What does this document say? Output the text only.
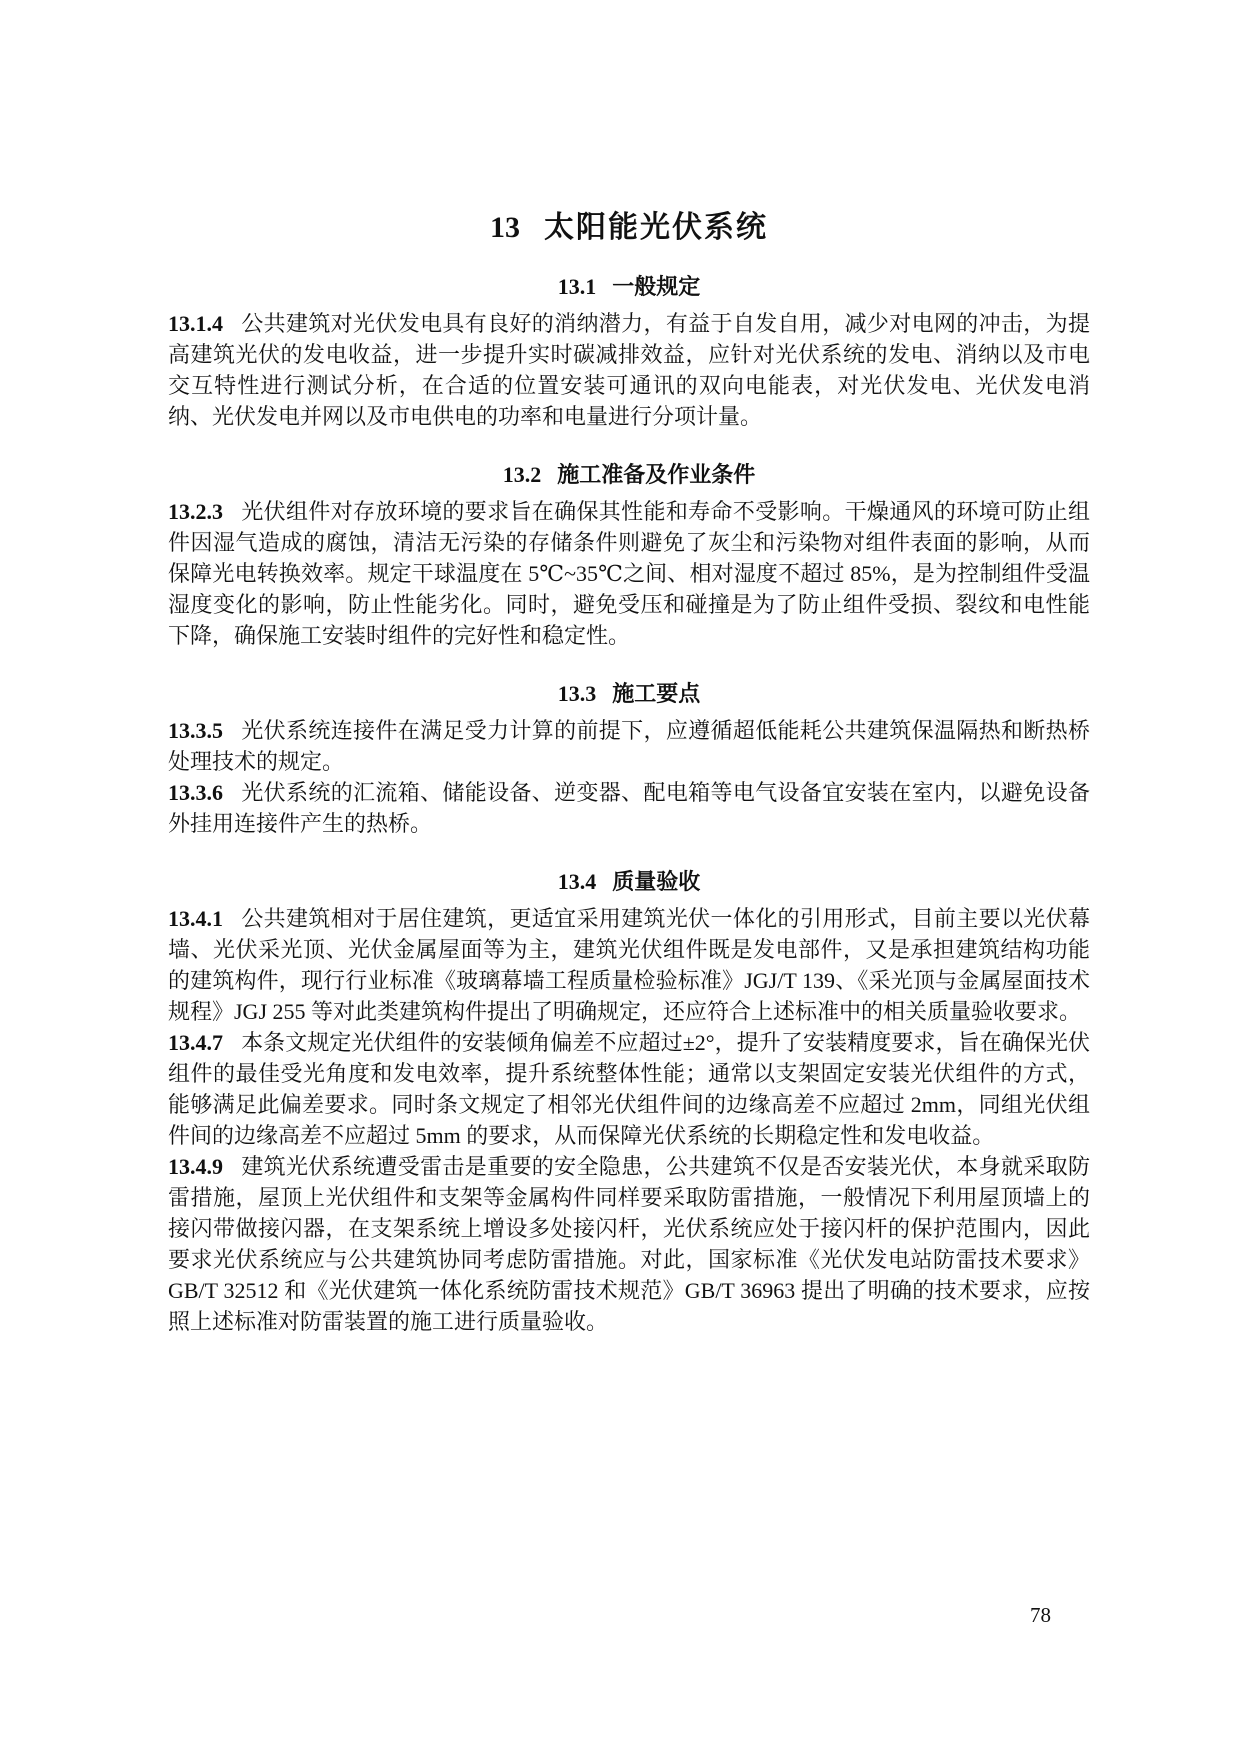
13 太阳能光伏系统
13.1 一般规定

13.1.4 公共建筑对光伏发电具有良好的消纳潜力，有益于自发自用，减少对电网的冲击，为提高建筑光伏的发电收益，进一步提升实时碳减排效益，应针对光伏系统的发电、消纳以及市电交互特性进行测试分析，在合适的位置安装可通讯的双向电能表，对光伏发电、光伏发电消纳、光伏发电并网以及市电供电的功率和电量进行分项计量。

13.2 施工准备及作业条件

13.2.3 光伏组件对存放环境的要求旨在确保其性能和寿命不受影响。干燥通风的环境可防止组件因湿气造成的腐蚀，清洁无污染的存储条件则避免了灰尘和污染物对组件表面的影响，从而保障光电转换效率。规定干球温度在 5℃~35℃之间、相对湿度不超过 85%，是为控制组件受温湿度变化的影响，防止性能劣化。同时，避免受压和碰撞是为了防止组件受损、裂纹和电性能下降，确保施工安装时组件的完好性和稳定性。

13.3 施工要点

13.3.5 光伏系统连接件在满足受力计算的前提下，应遵循超低能耗公共建筑保温隔热和断热桥处理技术的规定。

13.3.6 光伏系统的汇流箱、储能设备、逆变器、配电箱等电气设备宜安装在室内，以避免设备外挂用连接件产生的热桥。

13.4 质量验收

13.4.1 公共建筑相对于居住建筑，更适宜采用建筑光伏一体化的引用形式，目前主要以光伏幕墙、光伏采光顶、光伏金属屋面等为主，建筑光伏组件既是发电部件，又是承担建筑结构功能的建筑构件，现行行业标准《玻璃幕墙工程质量检验标准》JGJ/T 139、《采光顶与金属屋面技术规程》JGJ 255 等对此类建筑构件提出了明确规定，还应符合上述标准中的相关质量验收要求。

13.4.7 本条文规定光伏组件的安装倾角偏差不应超过±2°，提升了安装精度要求，旨在确保光伏组件的最佳受光角度和发电效率，提升系统整体性能；通常以支架固定安装光伏组件的方式，能够满足此偏差要求。同时条文规定了相邻光伏组件间的边缘高差不应超过 2mm，同组光伏组件间的边缘高差不应超过 5mm 的要求，从而保障光伏系统的长期稳定性和发电收益。

13.4.9 建筑光伏系统遭受雷击是重要的安全隐患，公共建筑不仅是否安装光伏，本身就采取防雷措施，屋顶上光伏组件和支架等金属构件同样要采取防雷措施，一般情况下利用屋顶墙上的接闪带做接闪器，在支架系统上增设多处接闪杆，光伏系统应处于接闪杆的保护范围内，因此要求光伏系统应与公共建筑协同考虑防雷措施。对此，国家标准《光伏发电站防雷技术要求》GB/T 32512 和《光伏建筑一体化系统防雷技术规范》GB/T 36963 提出了明确的技术要求，应按照上述标准对防雷装置的施工进行质量验收。

78
